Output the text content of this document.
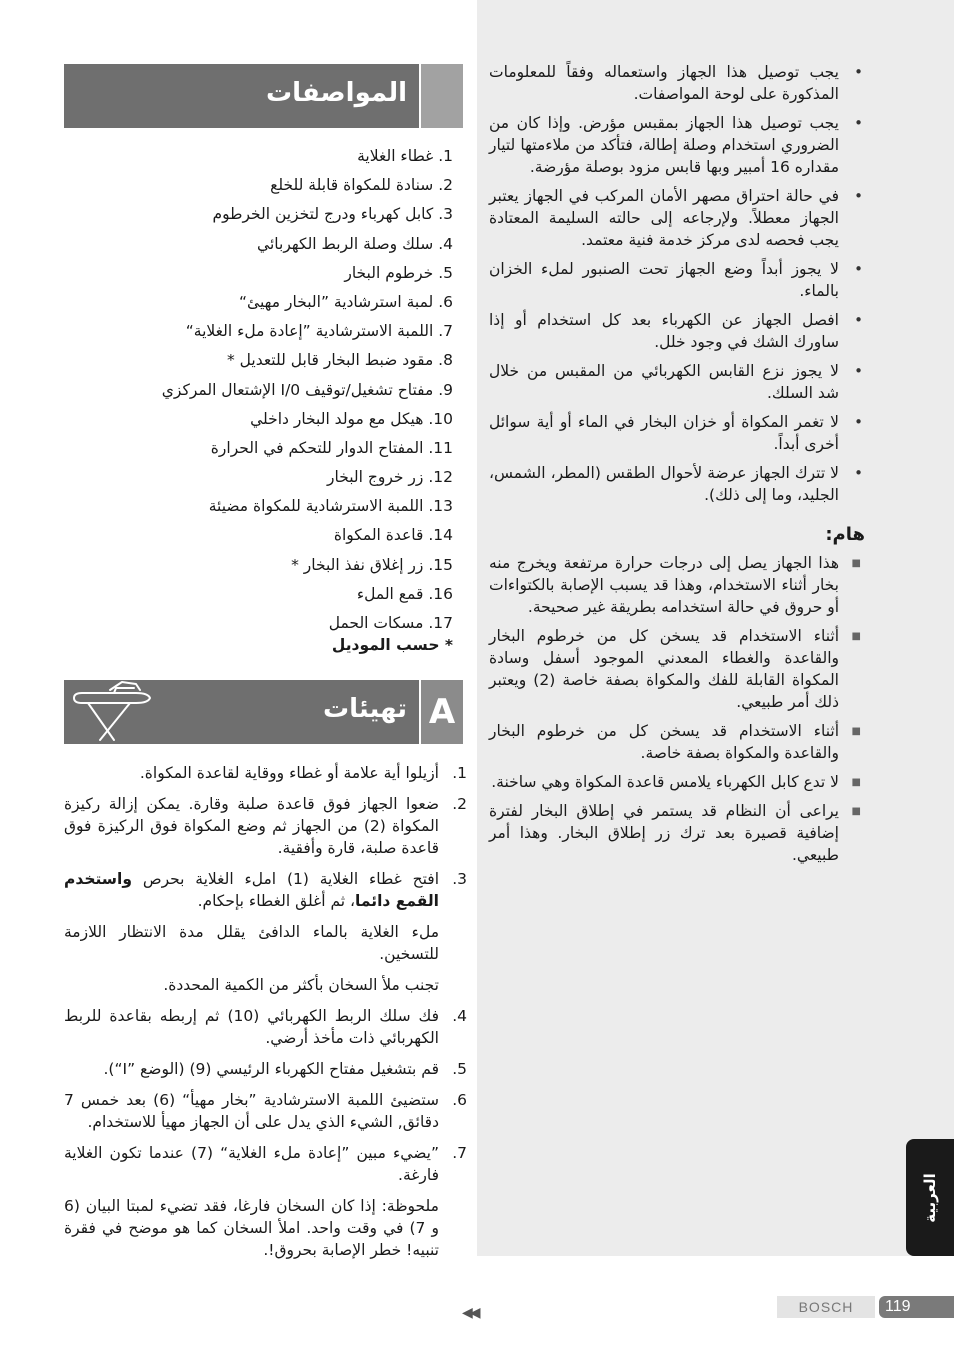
•
يجب توصيل هذا الجهاز واستعماله وفقاً للمعلومات المذكورة على لوحة المواصفات.
•
يجب توصيل هذا الجهاز بمقبس مؤرض. وإذا كان من الضروري استخدام وصلة إطالة، فتأكد من ملاءمتها لتيار مقداره 16 أمبير وبها قابس مزود بوصلة مؤرضة.
•
في حالة احتراق مصهر الأمان المركب في الجهاز يعتبر الجهاز معطلاً. ولإرجاعه إلى حالته السليمة المعتادة يجب فحصه لدى مركز خدمة فنية معتمد.
•
لا يجوز أبداً وضع الجهاز تحت الصنبور لملء الخزان بالماء.
•
افصل الجهاز عن الكهرباء بعد كل استخدام أو إذا ساورك الشك في وجود خلل.
•
لا يجوز نزع القابس الكهربائي من المقبس من خلال شد السلك.
•
لا تغمر المكواة أو خزان البخار في الماء أو أية سوائل أخرى أبداً.
•
لا تترك الجهاز عرضة لأحوال الطقس (المطر، الشمس، الجليد، وما إلى ذلك).
هام:
■
هذا الجهاز يصل إلى درجات حرارة مرتفعة ويخرج منه بخار أثناء الاستخدام، وهذا قد يسبب الإصابة بالكتواءات أو حروق في حالة استخدامه بطريقة غير صحيحة.
■
أثناء الاستخدام قد يسخن كل من خرطوم البخار والقاعدة والغطاء المعدني الموجود أسفل وسادة المكواة القابلة للفك والمكواة بصفة خاصة (2) ويعتبر ذلك أمر طبيعي.
■
أثناء الاستخدام قد يسخن كل من خرطوم البخار والقاعدة والمكواة بصفة خاصة.
■
لا تدع كابل الكهرباء يلامس قاعدة المكواة وهي ساخنة.
■
يراعى أن النظام قد يستمر في إطلاق البخار لفترة إضافية قصيرة بعد ترك زر إطلاق البخار. وهذا أمر طبيعي.
المواصفات
1. غطاء الغلاية
2. سنادة للمكواة قابلة للخلع
3. كابل كهرباء ودرج لتخزين الخرطوم
4. سلك وصلة الربط الكهربائي
5. خرطوم البخار
6. لمبة استرشادية ”البخار مهيئ“
7. اللمبة الاسترشادية ”إعادة ملء الغلاية“
8. مقود ضبط البخار قابل للتعديل *
9. مفتاح تشغيل/توقيف I/0 الإشتعال المركزي
10. هيكل مع مولد البخار داخلي
11. المفتاح الدوار للتحكم في الحرارة
12. زر خروج البخار
13. اللمبة الاسترشادية للمكواة مضيئة
14. قاعدة المكواة
15. زر إغلاق نفذ البخار *
16. قمع الملء
17. مسكات الحمل
* حسب الموديل
A
تهيئات
1.
أزيلوا أية علامة أو غطاء ووقاية لقاعدة المكواة.
2.
ضعوا الجهاز فوق قاعدة صلبة وقارة. يمكن إزالة ركيزة المكواة (2) من الجهاز ثم وضع المكواة فوق الركيزة فوق قاعدة صلبة، قارة وأفقية.
3.
افتح غطاء الغلاية (1) املء الغلاية بحرص واستخدم القمع دائما، ثم أغلق الغطاء بإحكام.
ملء الغلاية بالماء الدافئ يقلل مدة الانتظار اللازمة للتسخين.
تجنب ملأ السخان بأكثر من الكمية المحددة.
4.
فك سلك الربط الكهربائي (10) ثم إربطه بقاعدة للربط الكهربائي ذات مأخذ أرضي.
5.
قم بتشغيل مفتاح الكهرباء الرئيسي (9) (الوضع ”I“).
6.
ستضيئ اللمبة الاسترشادية ”بخار مهيأ“ (6) بعد خمس 7 دقائق, الشيء الذي يدل على أن الجهاز مهيأ للاستخدام.
7.
”يضيء مبين ”إعادة ملء الغلاية“ (7) عندما تكون الغلاية فارغة.
ملحوظة: إذا كان السخان فارغا، فقد تضيء لمبتا البيان (6 و 7) في وقت واحد. املأ السخان كما هو موضح في فقرة تنبيه! خطر الإصابة بحروق!.
العربية
◀◀	BOSCH	119
